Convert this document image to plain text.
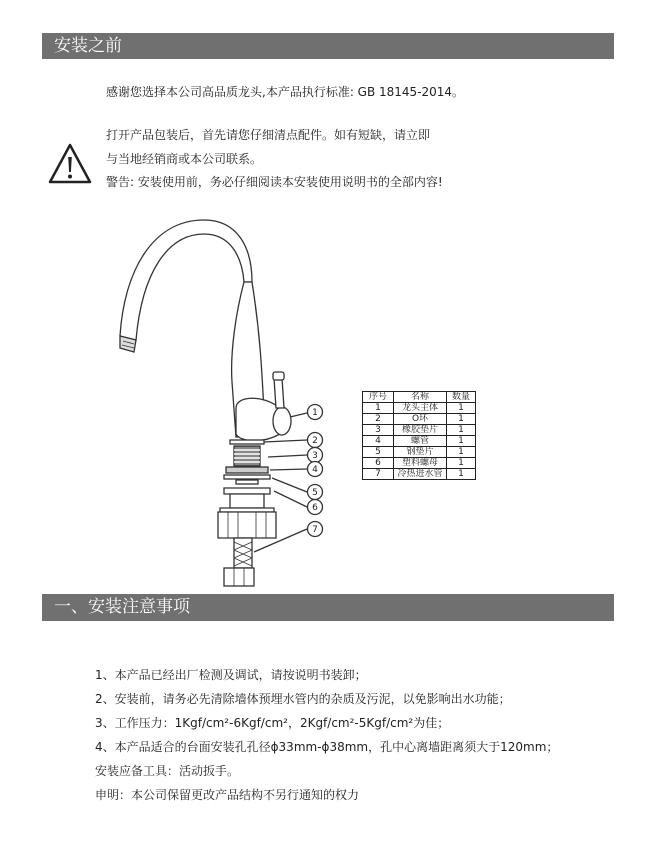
安装之前
感谢您选择本公司高品质龙头,本产品执行标准: GB 18145-2014。
打开产品包装后，首先请您仔细清点配件。如有短缺，请立即
与当地经销商或本公司联系。
警告: 安装使用前，务必仔细阅读本安装使用说明书的全部内容!
1
2
3
4
5
6
7
序号	名称	数量
1	龙头主体	1
2	O环	1
3	橡胶垫片	1
4	螺管	1
5	钢垫片	1
6	塑料螺母	1
7	冷热进水管	1
一、安装注意事项
1、本产品已经出厂检测及调试，请按说明书装卸；
2、安装前，请务必先清除墙体预埋水管内的杂质及污泥，以免影响出水功能；
3、工作压力：1Kgf/cm²-6Kgf/cm²，2Kgf/cm²-5Kgf/cm²为佳；
4、本产品适合的台面安装孔孔径ϕ33mm-ϕ38mm，孔中心离墙距离须大于120mm；
安装应备工具：活动扳手。
申明：本公司保留更改产品结构不另行通知的权力
